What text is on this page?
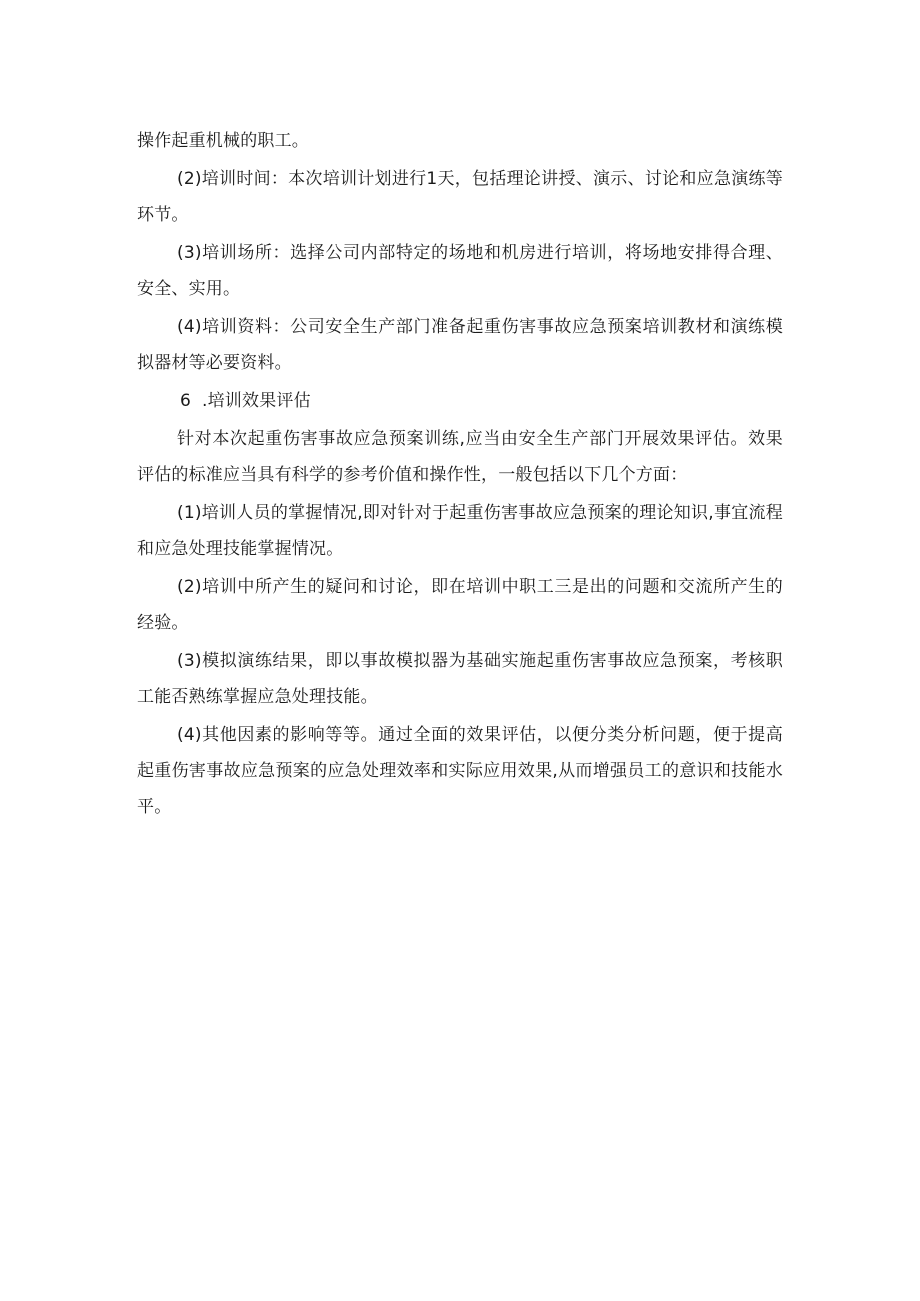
操作起重机械的职工。

(2)培训时间：本次培训计划进行1天，包括理论讲授、演示、讨论和应急演练等环节。

(3)培训场所：选择公司内部特定的场地和机房进行培训，将场地安排得合理、安全、实用。

(4)培训资料：公司安全生产部门准备起重伤害事故应急预案培训教材和演练模拟器材等必要资料。

6 .培训效果评估

针对本次起重伤害事故应急预案训练,应当由安全生产部门开展效果评估。效果评估的标准应当具有科学的参考价值和操作性，一般包括以下几个方面：

(1)培训人员的掌握情况,即对针对于起重伤害事故应急预案的理论知识,事宜流程和应急处理技能掌握情况。

(2)培训中所产生的疑问和讨论，即在培训中职工三是出的问题和交流所产生的经验。

(3)模拟演练结果，即以事故模拟器为基础实施起重伤害事故应急预案，考核职工能否熟练掌握应急处理技能。

(4)其他因素的影响等等。通过全面的效果评估，以便分类分析问题，便于提高起重伤害事故应急预案的应急处理效率和实际应用效果,从而增强员工的意识和技能水平。
